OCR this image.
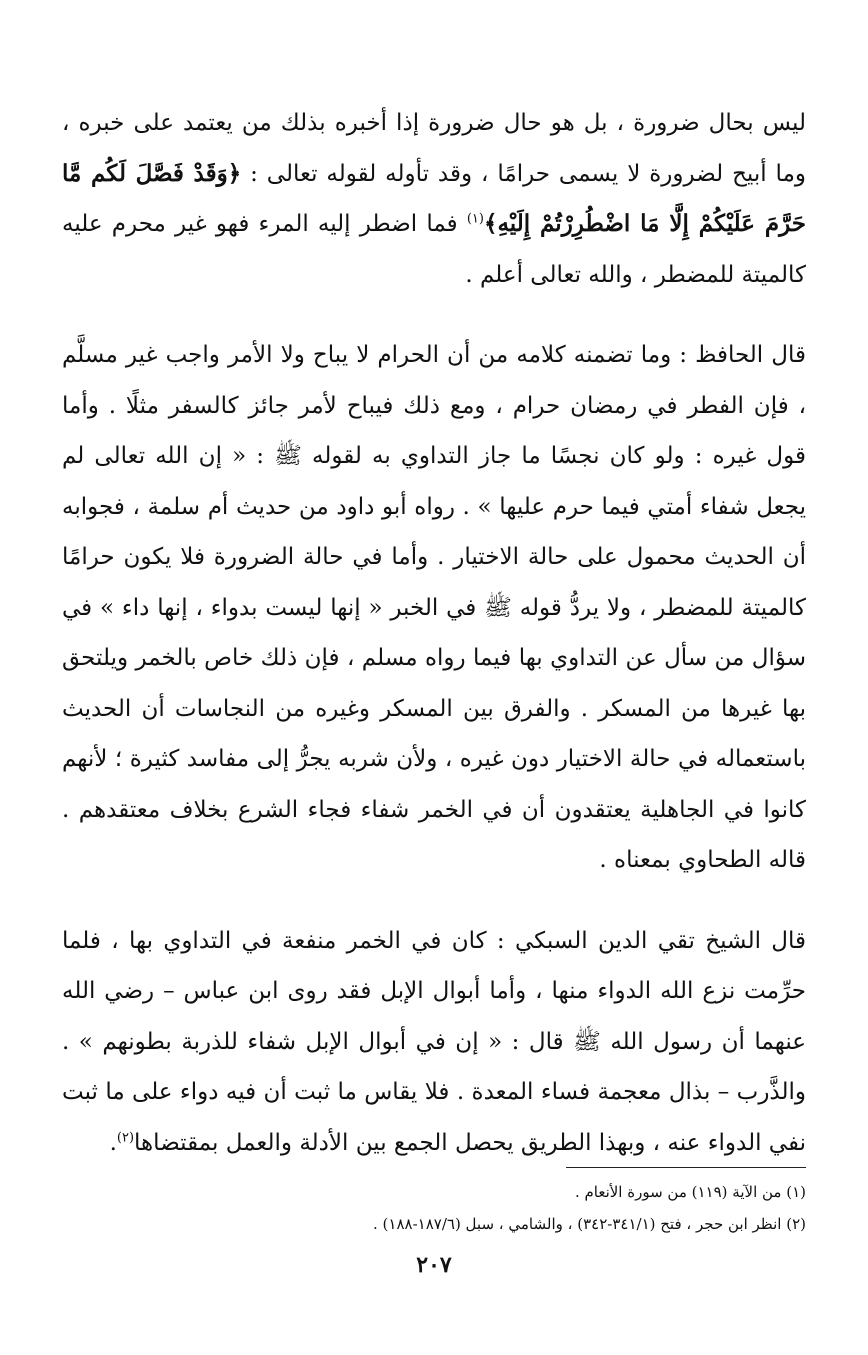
ليس بحال ضرورة ، بل هو حال ضرورة إذا أخبره بذلك من يعتمد على خبره ، وما أبيح لضرورة لا يسمى حرامًا ، وقد تأوله لقوله تعالى : ﴿وَقَدْ فَصَّلَ لَكُم مَّا حَرَّمَ عَلَيْكُمْ إِلَّا مَا اضْطُرِرْتُمْ إِلَيْهِ﴾$^{(١)}$ فما اضطر إليه المرء فهو غير محرم عليه كالميتة للمضطر ، والله تعالى أعلم .

قال الحافظ : وما تضمنه كلامه من أن الحرام لا يباح ولا الأمر واجب غير مسلَّم ، فإن الفطر في رمضان حرام ، ومع ذلك فيباح لأمر جائز كالسفر مثلًا . وأما قول غيره : ولو كان نجسًا ما جاز التداوي به لقوله ﷺ : « إن الله تعالى لم يجعل شفاء أمتي فيما حرم عليها » . رواه أبو داود من حديث أم سلمة ، فجوابه أن الحديث محمول على حالة الاختيار . وأما في حالة الضرورة فلا يكون حرامًا كالميتة للمضطر ، ولا يردُّ قوله ﷺ في الخبر « إنها ليست بدواء ، إنها داء » في سؤال من سأل عن التداوي بها فيما رواه مسلم ، فإن ذلك خاص بالخمر ويلتحق بها غيرها من المسكر . والفرق بين المسكر وغيره من النجاسات أن الحديث باستعماله في حالة الاختيار دون غيره ، ولأن شربه يجرُّ إلى مفاسد كثيرة ؛ لأنهم كانوا في الجاهلية يعتقدون أن في الخمر شفاء فجاء الشرع بخلاف معتقدهم . قاله الطحاوي بمعناه .

قال الشيخ تقي الدين السبكي : كان في الخمر منفعة في التداوي بها ، فلما حرِّمت نزع الله الدواء منها ، وأما أبوال الإبل فقد روى ابن عباس – رضي الله عنهما أن رسول الله ﷺ قال : « إن في أبوال الإبل شفاء للذربة بطونهم » . والذَّرب – بذال معجمة فساء المعدة . فلا يقاس ما ثبت أن فيه دواء على ما ثبت نفي الدواء عنه ، وبهذا الطريق يحصل الجمع بين الأدلة والعمل بمقتضاها$^{(٢)}$.

(١) من الآية (١١٩) من سورة الأنعام .

(٢) انظر ابن حجر ، فتح (٣٤١/١-٣٤٢) ، والشامي ، سبل (١٨٧/٦-١٨٨) .

٢٠٧
